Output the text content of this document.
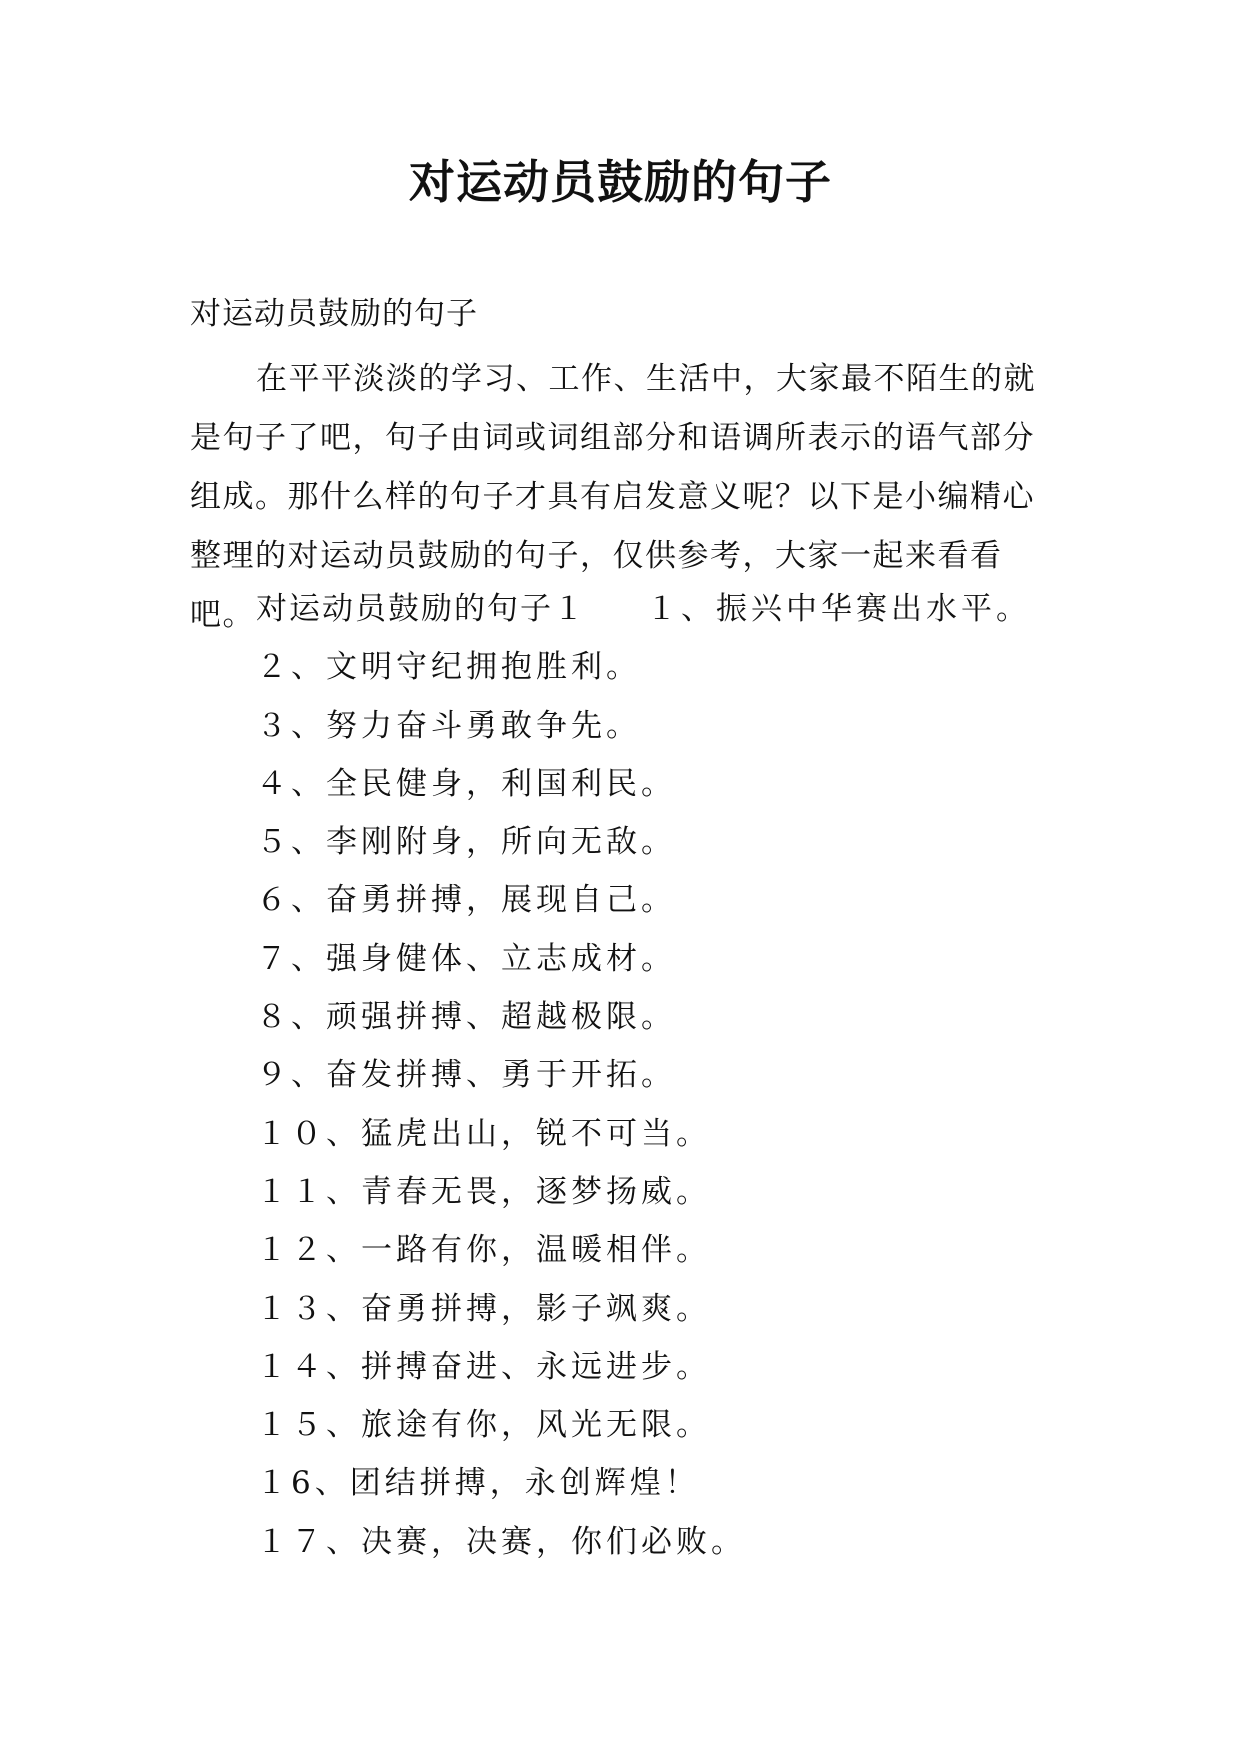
对运动员鼓励的句子
对运动员鼓励的句子

在平平淡淡的学习、工作、生活中，大家最不陌生的就是句子了吧，句子由词或词组部分和语调所表示的语气部分组成。那什么样的句子才具有启发意义呢？以下是小编精心整理的对运动员鼓励的句子，仅供参考，大家一起来看看吧。 对运动员鼓励的句子１ １、振兴中华赛出水平。
２、文明守纪拥抱胜利。
３、努力奋斗勇敢争先。
４、全民健身，利国利民。
５、李刚附身，所向无敌。
６、奋勇拼搏，展现自己。
７、强身健体、立志成材。
８、顽强拼搏、超越极限。
９、奋发拼搏、勇于开拓。
１０、猛虎出山，锐不可当。
１１、青春无畏，逐梦扬威。
１２、一路有你，温暖相伴。
１３、奋勇拼搏，影子飒爽。
１４、拼搏奋进、永远进步。
１５、旅途有你，风光无限。
１6、团结拼搏，永创辉煌！
１７、决赛，决赛，你们必败。
